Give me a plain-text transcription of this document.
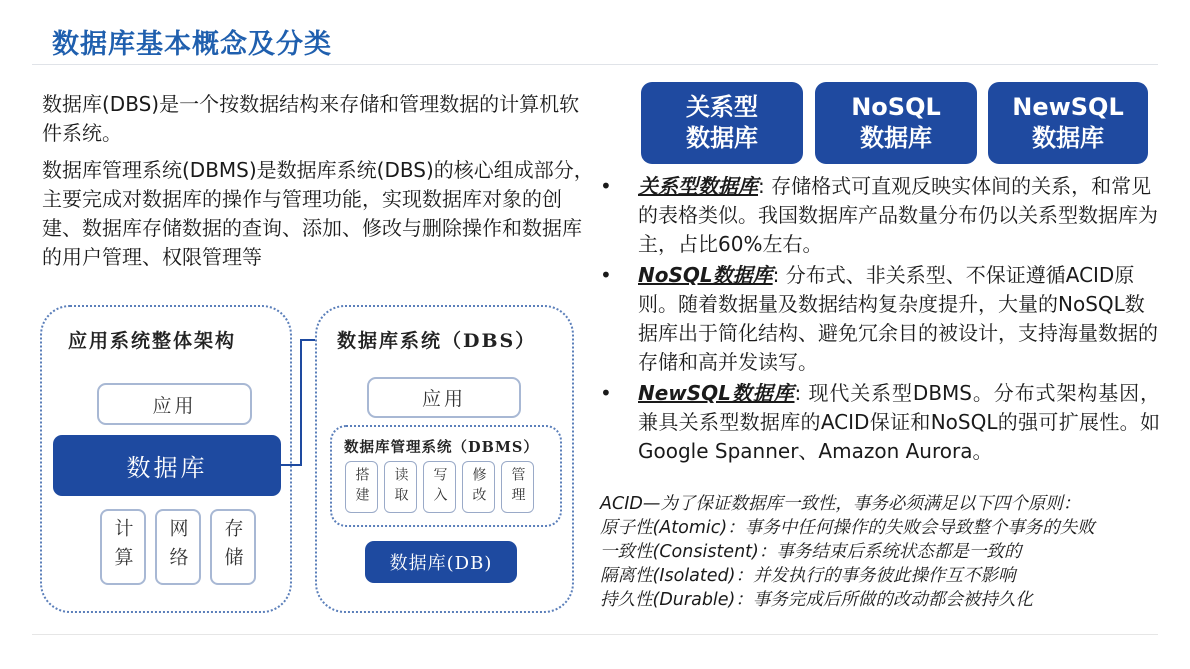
数据库基本概念及分类
数据库(DBS)是一个按数据结构来存储和管理数据的计算机软件系统。
数据库管理系统(DBMS)是数据库系统(DBS)的核心组成部分，主要完成对数据库的操作与管理功能，实现数据库对象的创建、数据库存储数据的查询、添加、修改与删除操作和数据库的用户管理、权限管理等
应用系统整体架构
应用
数据库
计算	网络	存储
数据库系统（DBS）
应用
数据库管理系统（DBMS）
搭建	读取	写入	修改	管理
数据库(DB)
关系型
数据库
NoSQL
数据库
NewSQL
数据库
• 关系型数据库: 存储格式可直观反映实体间的关系，和常见的表格类似。我国数据库产品数量分布仍以关系型数据库为主，占比60%左右。
• NoSQL数据库: 分布式、非关系型、不保证遵循ACID原则。随着数据量及数据结构复杂度提升，大量的NoSQL数据库出于简化结构、避免冗余目的被设计，支持海量数据的存储和高并发读写。
• NewSQL数据库: 现代关系型DBMS。分布式架构基因，兼具关系型数据库的ACID保证和NoSQL的强可扩展性。如Google Spanner、Amazon Aurora。
ACID—为了保证数据库一致性，事务必须满足以下四个原则：
原子性(Atomic)：事务中任何操作的失败会导致整个事务的失败
一致性(Consistent)：事务结束后系统状态都是一致的
隔离性(Isolated)：并发执行的事务彼此操作互不影响
持久性(Durable)：事务完成后所做的改动都会被持久化
